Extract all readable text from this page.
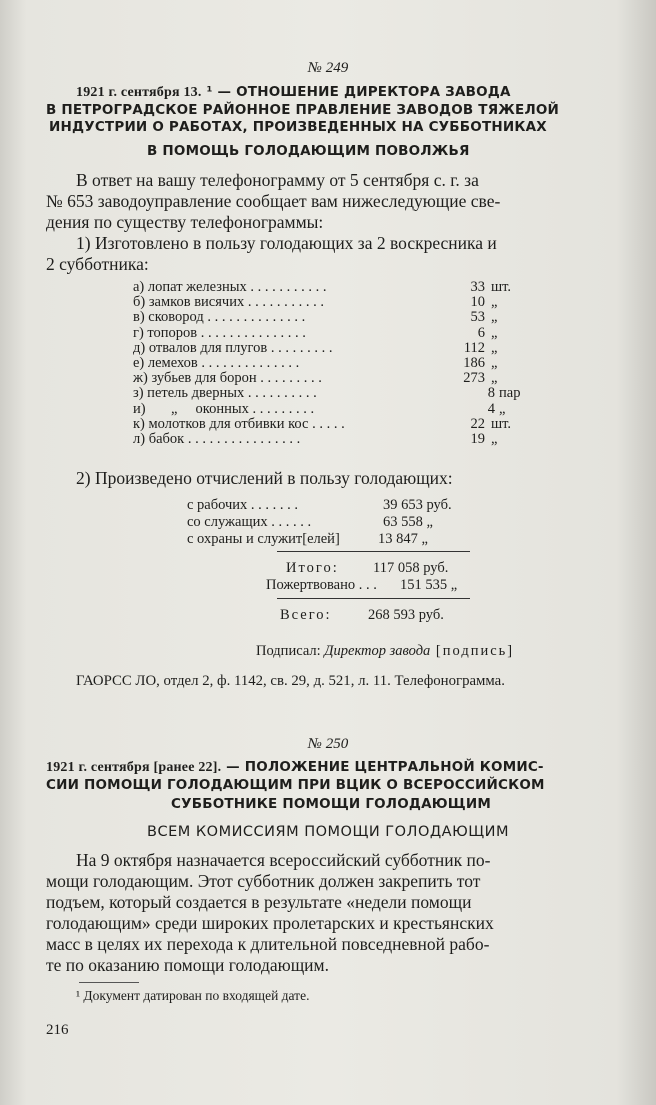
№ 249
1921 г. сентября 13. ¹ — ОТНОШЕНИЕ ДИРЕКТОРА ЗАВОДА
В ПЕТРОГРАДСКОЕ РАЙОННОЕ ПРАВЛЕНИЕ ЗАВОДОВ ТЯЖЕЛОЙ
ИНДУСТРИИ О РАБОТАХ, ПРОИЗВЕДЕННЫХ НА СУББОТНИКАХ
В ПОМОЩЬ ГОЛОДАЮЩИМ ПОВОЛЖЬЯ
В ответ на вашу телефонограмму от 5 сентября с. г. за
№ 653 заводоуправление сообщает вам нижеследующие све-
дения по существу телефонограммы:
1) Изготовлено в пользу голодающих за 2 воскресника и
2 субботника:
а) лопат железных . . . . . . . . . . .	33 шт.
б) замков висячих . . . . . . . . . . .	10 „
в) сковород . . . . . . . . . . . . . .	53 „
г) топоров . . . . . . . . . . . . . . .	6 „
д) отвалов для плугов . . . . . . . . .	112 „
е) лемехов . . . . . . . . . . . . . .	186 „
ж) зубьев для борон . . . . . . . . .	273 „
з) петель дверных . . . . . . . . . .	8 пар
и)       „     оконных . . . . . . . . .	4 „
к) молотков для отбивки кос . . . . .	22 шт.
л) бабок . . . . . . . . . . . . . . . .	19 „
2) Произведено отчислений в пользу голодающих:
с рабочих . . . . . . .	39 653 руб.
со служащих . . . . . .	63 558 „
с охраны и служит[елей]	13 847 „
Итого: 117 058 руб.
Пожертвовано . . . 151 535 „
Всего:	268 593 руб.
Подписал: Директор завода [подпись]
ГАОРСС ЛО, отдел 2, ф. 1142, св. 29, д. 521, л. 11. Телефонограмма.
№ 250
1921 г. сентября [ранее 22]. — ПОЛОЖЕНИЕ ЦЕНТРАЛЬНОЙ КОМИС-
СИИ ПОМОЩИ ГОЛОДАЮЩИМ ПРИ ВЦИК О ВСЕРОССИЙСКОМ
СУББОТНИКЕ ПОМОЩИ ГОЛОДАЮЩИМ
ВСЕМ КОМИССИЯМ ПОМОЩИ ГОЛОДАЮЩИМ
На 9 октября назначается всероссийский субботник по-
мощи голодающим. Этот субботник должен закрепить тот
подъем, который создается в результате «недели помощи
голодающим» среди широких пролетарских и крестьянских
масс в целях их перехода к длительной повседневной рабо-
те по оказанию помощи голодающим.
¹ Документ датирован по входящей дате.
216
